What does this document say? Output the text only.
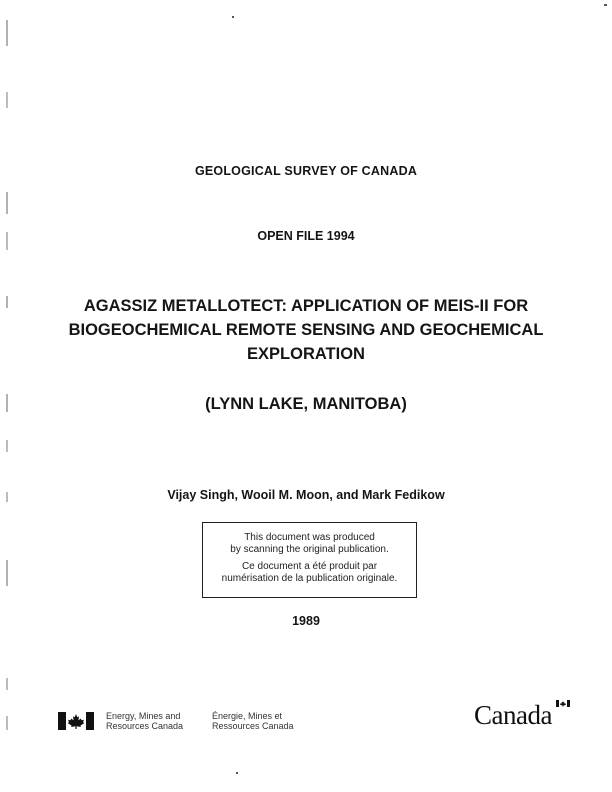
GEOLOGICAL SURVEY OF CANADA
OPEN FILE 1994
AGASSIZ METALLOTECT: APPLICATION OF MEIS-II FOR
BIOGEOCHEMICAL REMOTE SENSING AND GEOCHEMICAL
EXPLORATION
(LYNN LAKE, MANITOBA)
Vijay Singh, Wooil M. Moon, and Mark Fedikow
This document was produced
by scanning the original publication.
Ce document a été produit par
numérisation de la publication originale.
1989
Energy, Mines and
Resources Canada
Énergie, Mines et
Ressources Canada	Canada
